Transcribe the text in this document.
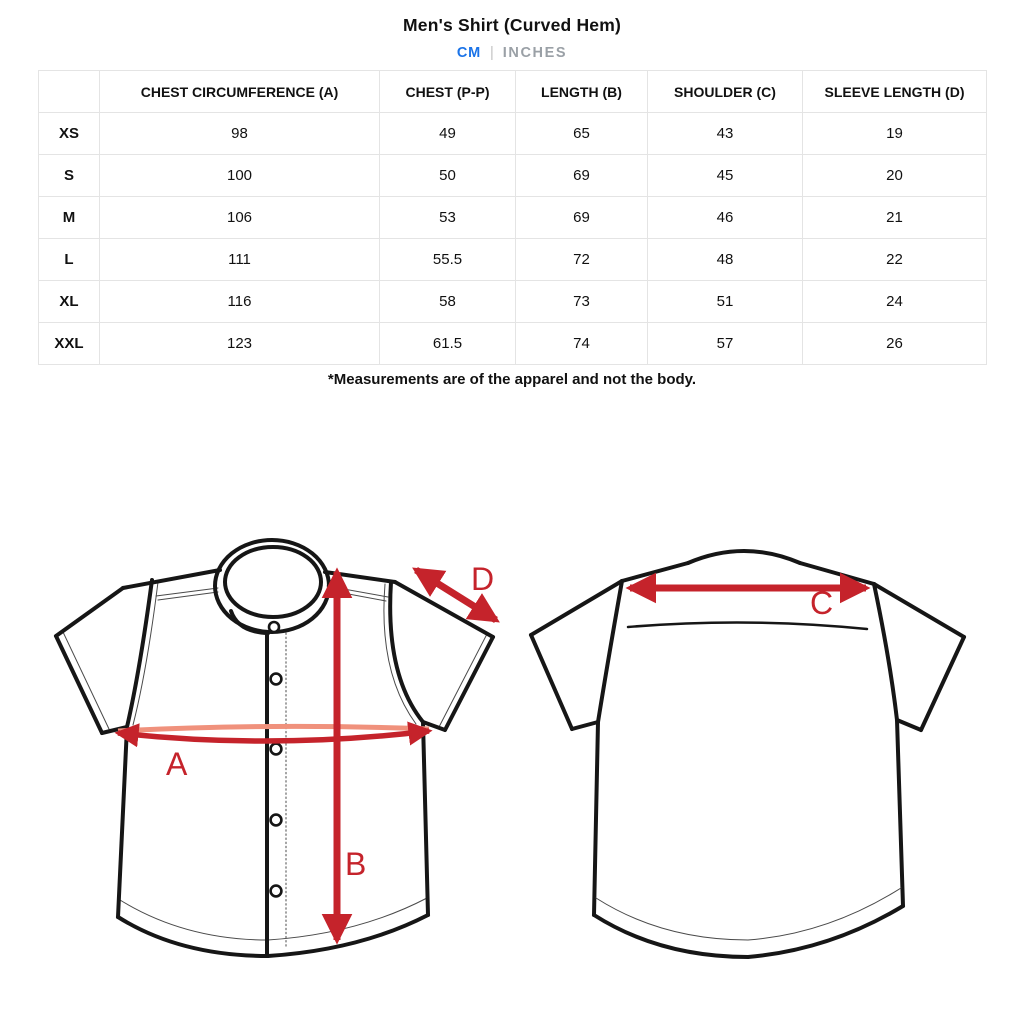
Men's Shirt (Curved Hem)
CM | INCHES
	CHEST CIRCUMFERENCE (A)	CHEST (P-P)	LENGTH (B)	SHOULDER (C)	SLEEVE LENGTH (D)
XS	98	49	65	43	19
S	100	50	69	45	20
M	106	53	69	46	21
L	111	55.5	72	48	22
XL	116	58	73	51	24
XXL	123	61.5	74	57	26
*Measurements are of the apparel and not the body.
A
B
C
D
